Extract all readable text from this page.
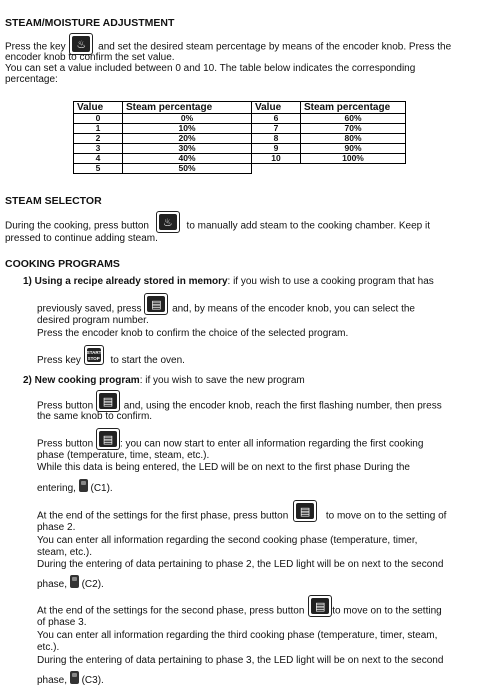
STEAM/MOISTURE ADJUSTMENT
Press the key ♨	and set the desired steam percentage by means of the encoder knob. Press the
encoder knob to confirm the set value.
You can set a value included between 0 and 10. The table below indicates the corresponding
percentage:
Value	Steam percentage	Value	Steam percentage
0	0%	6	60%
1	10%	7	70%
2	20%	8	80%
3	30%	9	90%
4	40%	10	100%
5	50%		
STEAM SELECTOR
During the cooking, press button	♨	to manually add steam to the cooking chamber. Keep it
pressed to continue adding steam.
COOKING PROGRAMS
1) Using a recipe already stored in memory: if you wish to use a cooking program that has
previously saved, press ▤	and, by means of the encoder knob, you can select the
desired program number.
Press the encoder knob to confirm the choice of the selected program.
Press key
START
STOP to start the oven.
2) New cooking program: if you wish to save the new program
Press button ▤	and, using the encoder knob, reach the first flashing number, then press
the same knob to confirm.
Press button ▤ : you can now start to enter all information regarding the first cooking
phase (temperature, time, steam, etc.).
While this data is being entered, the LED will be on next to the first phase During the
entering, (C1).
At the end of the settings for the first phase, press button	▤	to move on to the setting of
phase 2.
You can enter all information regarding the second cooking phase (temperature, timer,
steam, etc.).
During the entering of data pertaining to phase 2, the LED light will be on next to the second
phase, (C2).
At the end of the settings for the second phase, press button ▤ to move on to the setting
of phase 3.
You can enter all information regarding the third cooking phase (temperature, timer, steam,
etc.).
During the entering of data pertaining to phase 3, the LED light will be on next to the second
phase, (C3).
